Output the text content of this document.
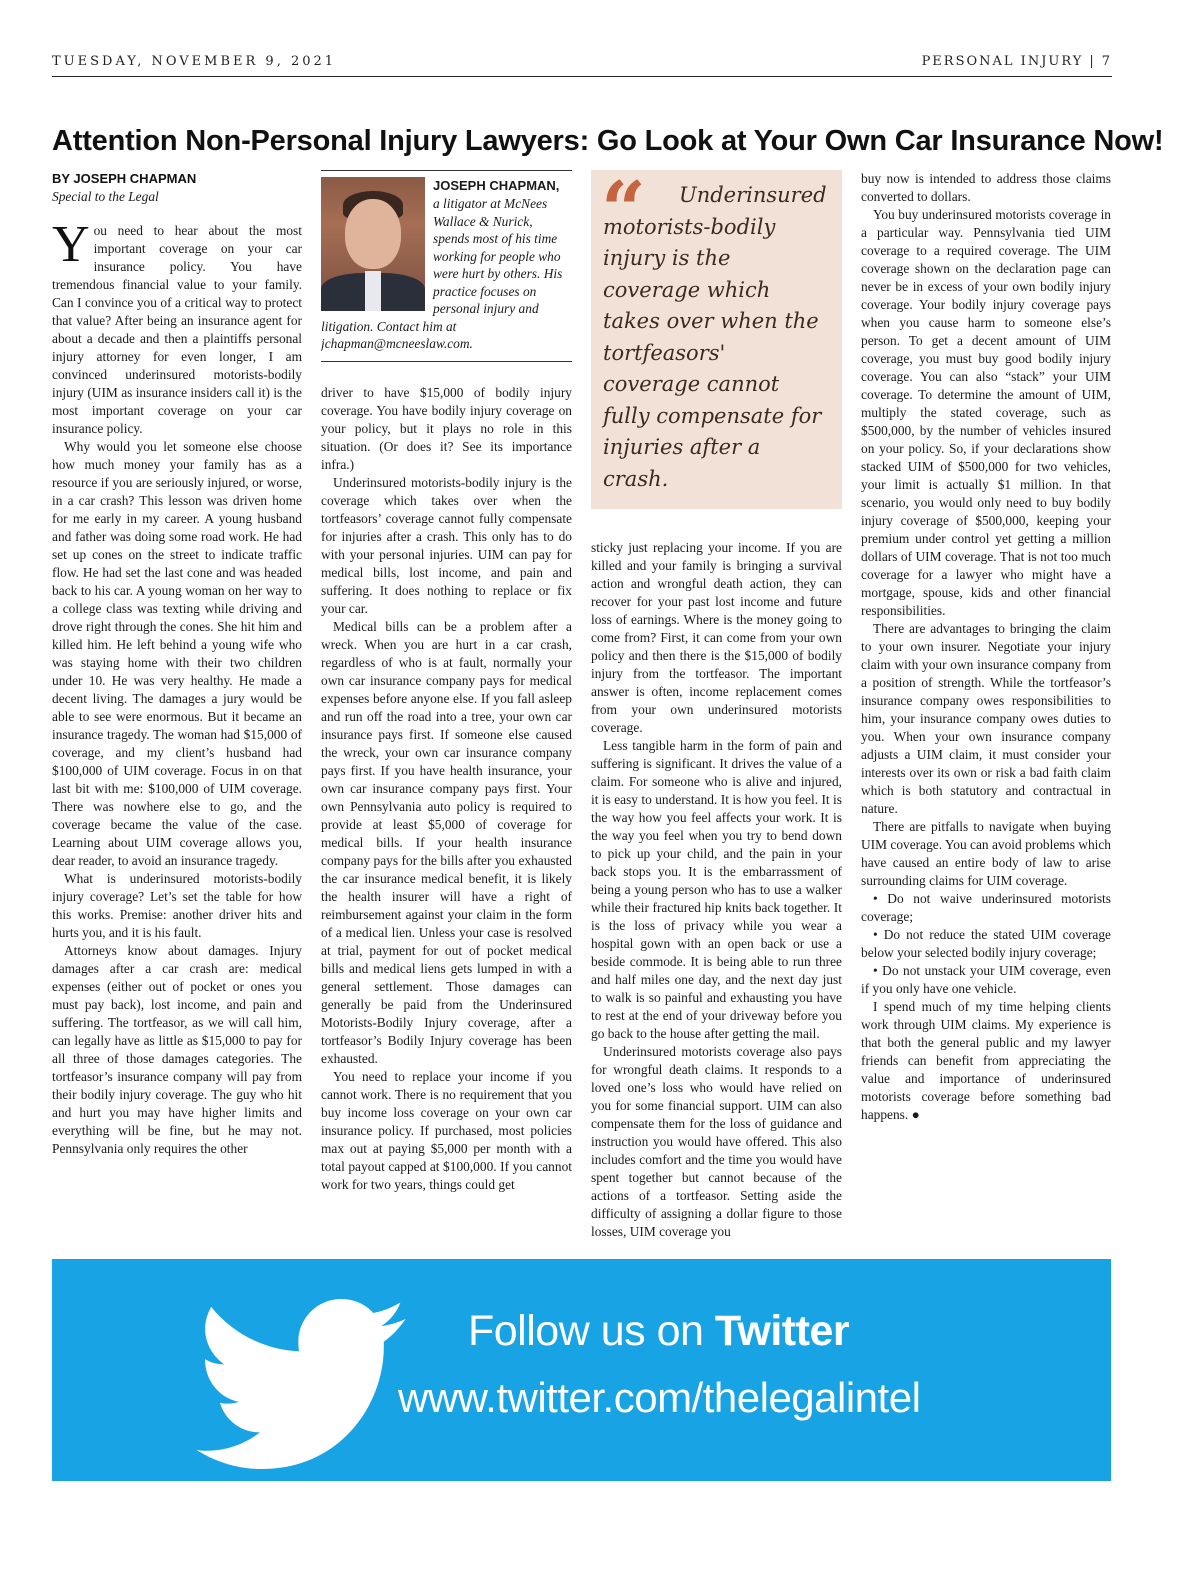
TUESDAY, NOVEMBER 9, 2021	PERSONAL INJURY | 7
Attention Non-Personal Injury Lawyers: Go Look at Your Own Car Insurance Now!
BY JOSEPH CHAPMAN
Special to the Legal

You need to hear about the most important coverage on your car insurance policy. You have tremendous financial value to your family. Can I convince you of a critical way to protect that value? After being an insurance agent for about a decade and then a plaintiffs personal injury attorney for even longer, I am convinced underinsured motorists-bodily injury (UIM as insurance insiders call it) is the most important coverage on your car insurance policy.

Why would you let someone else choose how much money your family has as a resource if you are seriously injured, or worse, in a car crash? This lesson was driven home for me early in my career. A young husband and father was doing some road work. He had set up cones on the street to indicate traffic flow. He had set the last cone and was headed back to his car. A young woman on her way to a college class was texting while driving and drove right through the cones. She hit him and killed him. He left behind a young wife who was staying home with their two children under 10. He was very healthy. He made a decent living. The damages a jury would be able to see were enormous. But it became an insurance tragedy. The woman had $15,000 of coverage, and my client’s husband had $100,000 of UIM coverage. Focus in on that last bit with me: $100,000 of UIM coverage. There was nowhere else to go, and the coverage became the value of the case. Learning about UIM coverage allows you, dear reader, to avoid an insurance tragedy.

What is underinsured motorists-bodily injury coverage? Let’s set the table for how this works. Premise: another driver hits and hurts you, and it is his fault.

Attorneys know about damages. Injury damages after a car crash are: medical expenses (either out of pocket or ones you must pay back), lost income, and pain and suffering. The tortfeasor, as we will call him, can legally have as little as $15,000 to pay for all three of those damages categories. The tortfeasor’s insurance company will pay from their bodily injury coverage. The guy who hit and hurt you may have higher limits and everything will be fine, but he may not. Pennsylvania only requires the other

JOSEPH CHAPMAN,
a litigator at McNees Wallace & Nurick, spends most of his time working for people who were hurt by others. His practice focuses on personal injury and litigation. Contact him at jchapman@mcneeslaw.com.

driver to have $15,000 of bodily injury coverage. You have bodily injury coverage on your policy, but it plays no role in this situation. (Or does it? See its importance infra.)

Underinsured motorists-bodily injury is the coverage which takes over when the tortfeasors’ coverage cannot fully compensate for injuries after a crash. This only has to do with your personal injuries. UIM can pay for medical bills, lost income, and pain and suffering. It does nothing to replace or fix your car.

Medical bills can be a problem after a wreck. When you are hurt in a car crash, regardless of who is at fault, normally your own car insurance company pays for medical expenses before anyone else. If you fall asleep and run off the road into a tree, your own car insurance pays first. If someone else caused the wreck, your own car insurance company pays first. If you have health insurance, your own car insurance company pays first. Your own Pennsylvania auto policy is required to provide at least $5,000 of coverage for medical bills. If your health insurance company pays for the bills after you exhausted the car insurance medical benefit, it is likely the health insurer will have a right of reimbursement against your claim in the form of a medical lien. Unless your case is resolved at trial, payment for out of pocket medical bills and medical liens gets lumped in with a general settlement. Those damages can generally be paid from the Underinsured Motorists-Bodily Injury coverage, after a tortfeasor’s Bodily Injury coverage has been exhausted.

You need to replace your income if you cannot work. There is no requirement that you buy income loss coverage on your own car insurance policy. If purchased, most policies max out at paying $5,000 per month with a total payout capped at $100,000. If you cannot work for two years, things could get

“	Underinsured motorists-bodily injury is the coverage which takes over when the tortfeasors' coverage cannot fully compensate for injuries after a crash.

sticky just replacing your income. If you are killed and your family is bringing a survival action and wrongful death action, they can recover for your past lost income and future loss of earnings. Where is the money going to come from? First, it can come from your own policy and then there is the $15,000 of bodily injury from the tortfeasor. The important answer is often, income replacement comes from your own underinsured motorists coverage.

Less tangible harm in the form of pain and suffering is significant. It drives the value of a claim. For someone who is alive and injured, it is easy to understand. It is how you feel. It is the way how you feel affects your work. It is the way you feel when you try to bend down to pick up your child, and the pain in your back stops you. It is the embarrassment of being a young person who has to use a walker while their fractured hip knits back together. It is the loss of privacy while you wear a hospital gown with an open back or use a beside commode. It is being able to run three and half miles one day, and the next day just to walk is so painful and exhausting you have to rest at the end of your driveway before you go back to the house after getting the mail.

Underinsured motorists coverage also pays for wrongful death claims. It responds to a loved one’s loss who would have relied on you for some financial support. UIM can also compensate them for the loss of guidance and instruction you would have offered. This also includes comfort and the time you would have spent together but cannot because of the actions of a tortfeasor. Setting aside the difficulty of assigning a dollar figure to those losses, UIM coverage you

buy now is intended to address those claims converted to dollars.

You buy underinsured motorists coverage in a particular way. Pennsylvania tied UIM coverage to a required coverage. The UIM coverage shown on the declaration page can never be in excess of your own bodily injury coverage. Your bodily injury coverage pays when you cause harm to someone else’s person. To get a decent amount of UIM coverage, you must buy good bodily injury coverage. You can also “stack” your UIM coverage. To determine the amount of UIM, multiply the stated coverage, such as $500,000, by the number of vehicles insured on your policy. So, if your declarations show stacked UIM of $500,000 for two vehicles, your limit is actually $1 million. In that scenario, you would only need to buy bodily injury coverage of $500,000, keeping your premium under control yet getting a million dollars of UIM coverage. That is not too much coverage for a lawyer who might have a mortgage, spouse, kids and other financial responsibilities.

There are advantages to bringing the claim to your own insurer. Negotiate your injury claim with your own insurance company from a position of strength. While the tortfeasor’s insurance company owes responsibilities to him, your insurance company owes duties to you. When your own insurance company adjusts a UIM claim, it must consider your interests over its own or risk a bad faith claim which is both statutory and contractual in nature.

There are pitfalls to navigate when buying UIM coverage. You can avoid problems which have caused an entire body of law to arise surrounding claims for UIM coverage.

• Do not waive underinsured motorists coverage;

• Do not reduce the stated UIM coverage below your selected bodily injury coverage;

• Do not unstack your UIM coverage, even if you only have one vehicle.

I spend much of my time helping clients work through UIM claims. My experience is that both the general public and my lawyer friends can benefit from appreciating the value and importance of underinsured motorists coverage before something bad happens. ●

Follow us on Twitter
www.twitter.com/thelegalintel
